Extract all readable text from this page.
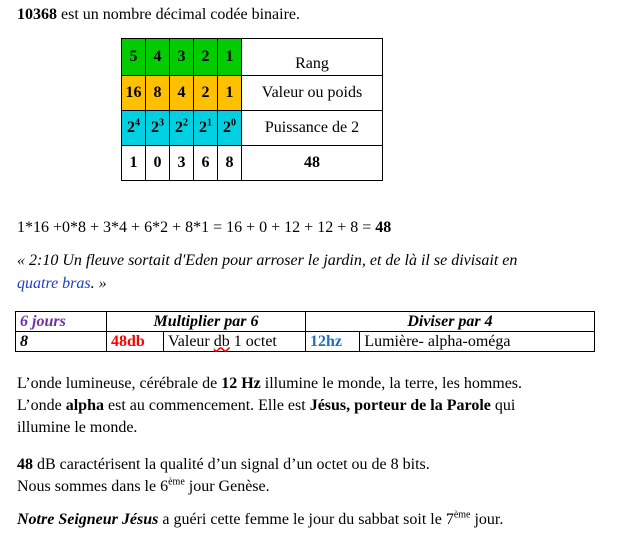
10368 est un nombre décimal codée binaire.
5	4	3	2	1	Rang
16	8	4	2	1	Valeur ou poids
$2^4$	$2^3$	$2^2$	$2^1$	$2^0$	Puissance de 2
1	0	3	6	8	48
1*16 +0*8 + 3*4 + 6*2 + 8*1 = 16 + 0 + 12 + 12 + 8 = 48
« 2:10 Un fleuve sortait d'Eden pour arroser le jardin, et de là il se divisait en
quatre bras. »
6 jours	Multiplier par 6		Diviser par 4	
8	48db	Valeur db 1 octet	12hz	Lumière- alpha-oméga
L’onde lumineuse, cérébrale de 12 Hz illumine le monde, la terre, les hommes.
L’onde alpha est au commencement. Elle est Jésus, porteur de la Parole qui
illumine le monde.
48 dB caractérisent la qualité d’un signal d’un octet ou de 8 bits.
Nous sommes dans le 6ème jour Genèse.
Notre Seigneur Jésus a guéri cette femme le jour du sabbat soit le 7ème jour.
